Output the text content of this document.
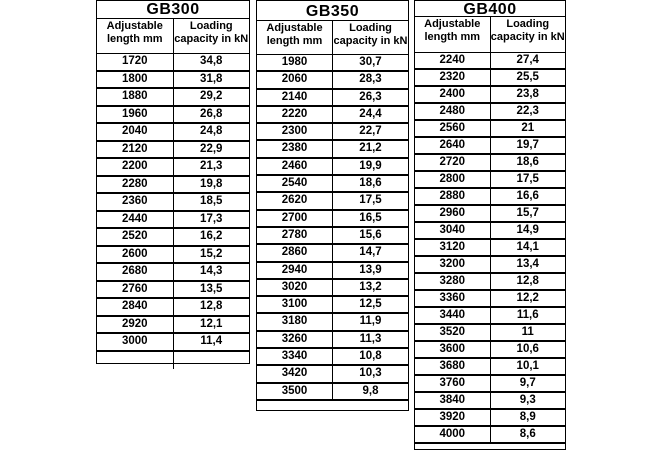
GB300
Adjustable length mm
Loading capacity in kN
1720	34,8
1800	31,8
1880	29,2
1960	26,8
2040	24,8
2120	22,9
2200	21,3
2280	19,8
2360	18,5
2440	17,3
2520	16,2
2600	15,2
2680	14,3
2760	13,5
2840	12,8
2920	12,1
3000	11,4
GB350
Adjustable length mm
Loading capacity in kN
1980	30,7
2060	28,3
2140	26,3
2220	24,4
2300	22,7
2380	21,2
2460	19,9
2540	18,6
2620	17,5
2700	16,5
2780	15,6
2860	14,7
2940	13,9
3020	13,2
3100	12,5
3180	11,9
3260	11,3
3340	10,8
3420	10,3
3500	9,8
GB400
Adjustable length mm
Loading capacity in kN
2240	27,4
2320	25,5
2400	23,8
2480	22,3
2560	21
2640	19,7
2720	18,6
2800	17,5
2880	16,6
2960	15,7
3040	14,9
3120	14,1
3200	13,4
3280	12,8
3360	12,2
3440	11,6
3520	11
3600	10,6
3680	10,1
3760	9,7
3840	9,3
3920	8,9
4000	8,6
